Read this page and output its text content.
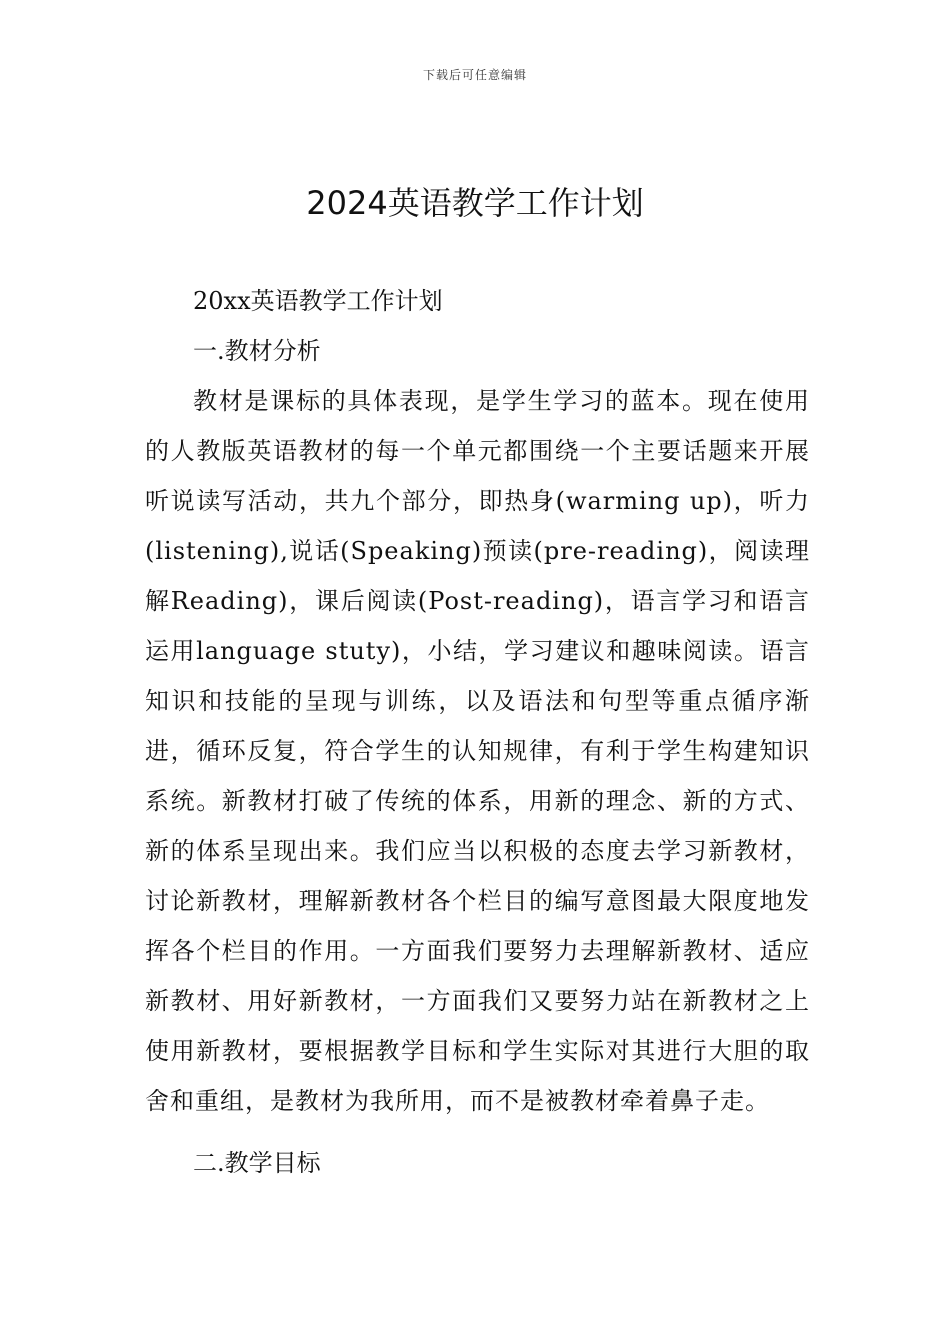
下载后可任意编辑
2024英语教学工作计划

20xx英语教学工作计划

一.教材分析

教材是课标的具体表现，是学生学习的蓝本。现在使用的人教版英语教材的每一个单元都围绕一个主要话题来开展听说读写活动，共九个部分，即热身(warming up)，听力(listening),说话(Speaking)预读(pre-reading)，阅读理解Reading)，课后阅读(Post-reading)，语言学习和语言运用language stuty)，小结，学习建议和趣味阅读。语言知识和技能的呈现与训练，以及语法和句型等重点循序渐进，循环反复，符合学生的认知规律，有利于学生构建知识系统。新教材打破了传统的体系，用新的理念、新的方式、新的体系呈现出来。我们应当以积极的态度去学习新教材，讨论新教材，理解新教材各个栏目的编写意图最大限度地发挥各个栏目的作用。一方面我们要努力去理解新教材、适应新教材、用好新教材，一方面我们又要努力站在新教材之上使用新教材，要根据教学目标和学生实际对其进行大胆的取舍和重组，是教材为我所用，而不是被教材牵着鼻子走。

二.教学目标
